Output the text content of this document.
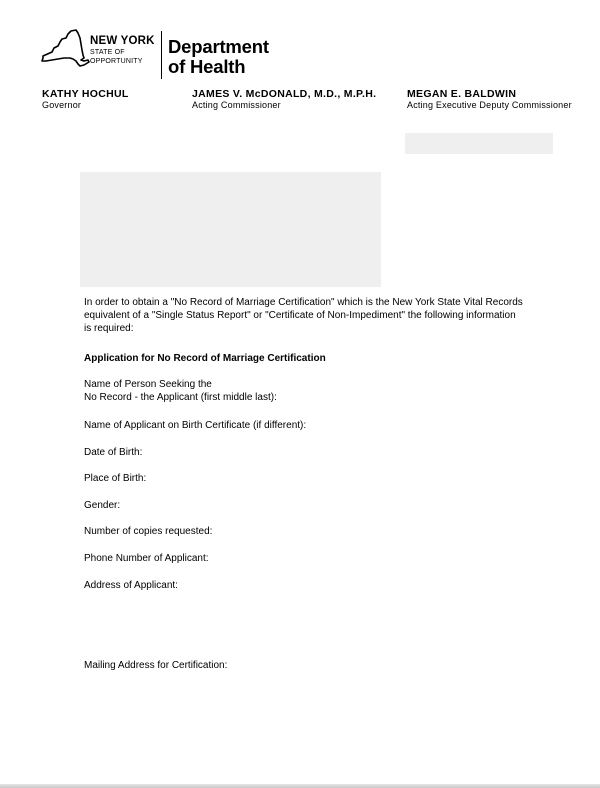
NEW YORK
STATE OF
OPPORTUNITY
Department
of Health
KATHY HOCHUL
Governor
JAMES V. McDONALD, M.D., M.P.H.
Acting Commissioner
MEGAN E. BALDWIN
Acting Executive Deputy Commissioner

In order to obtain a "No Record of Marriage Certification" which is the New York State Vital Records equivalent of a "Single Status Report" or "Certificate of Non-Impediment" the following information is required:

Application for No Record of Marriage Certification
Name of Person Seeking the
No Record - the Applicant (first middle last):
Name of Applicant on Birth Certificate (if different):
Date of Birth:
Place of Birth:
Gender:
Number of copies requested:
Phone Number of Applicant:
Address of Applicant:
Mailing Address for Certification:
